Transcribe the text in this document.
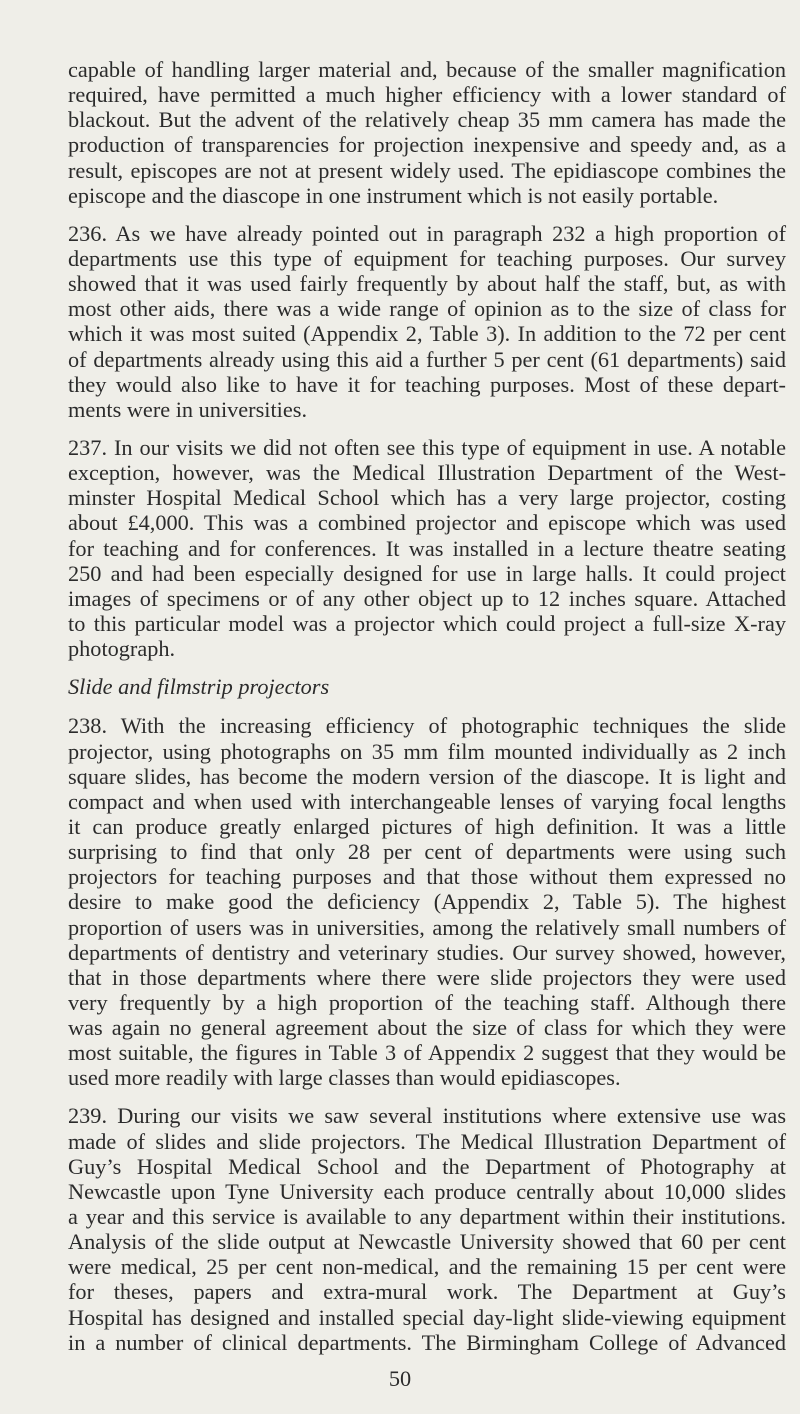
capable of handling larger material and, because of the smaller magnification
required, have permitted a much higher efficiency with a lower standard of
blackout. But the advent of the relatively cheap 35 mm camera has made the
production of transparencies for projection inexpensive and speedy and, as a
result, episcopes are not at present widely used. The epidiascope combines the
episcope and the diascope in one instrument which is not easily portable.
236. As we have already pointed out in paragraph 232 a high proportion of
departments use this type of equipment for teaching purposes. Our survey
showed that it was used fairly frequently by about half the staff, but, as with
most other aids, there was a wide range of opinion as to the size of class for
which it was most suited (Appendix 2, Table 3). In addition to the 72 per cent
of departments already using this aid a further 5 per cent (61 departments) said
they would also like to have it for teaching purposes. Most of these depart-
ments were in universities.
237. In our visits we did not often see this type of equipment in use. A notable
exception, however, was the Medical Illustration Department of the West-
minster Hospital Medical School which has a very large projector, costing
about £4,000. This was a combined projector and episcope which was used
for teaching and for conferences. It was installed in a lecture theatre seating
250 and had been especially designed for use in large halls. It could project
images of specimens or of any other object up to 12 inches square. Attached
to this particular model was a projector which could project a full-size X-ray
photograph.
Slide and filmstrip projectors
238. With the increasing efficiency of photographic techniques the slide
projector, using photographs on 35 mm film mounted individually as 2 inch
square slides, has become the modern version of the diascope. It is light and
compact and when used with interchangeable lenses of varying focal lengths
it can produce greatly enlarged pictures of high definition. It was a little
surprising to find that only 28 per cent of departments were using such
projectors for teaching purposes and that those without them expressed no
desire to make good the deficiency (Appendix 2, Table 5). The highest
proportion of users was in universities, among the relatively small numbers of
departments of dentistry and veterinary studies. Our survey showed, however,
that in those departments where there were slide projectors they were used
very frequently by a high proportion of the teaching staff. Although there
was again no general agreement about the size of class for which they were
most suitable, the figures in Table 3 of Appendix 2 suggest that they would be
used more readily with large classes than would epidiascopes.
239. During our visits we saw several institutions where extensive use was
made of slides and slide projectors. The Medical Illustration Department of
Guy’s Hospital Medical School and the Department of Photography at
Newcastle upon Tyne University each produce centrally about 10,000 slides
a year and this service is available to any department within their institutions.
Analysis of the slide output at Newcastle University showed that 60 per cent
were medical, 25 per cent non-medical, and the remaining 15 per cent were
for theses, papers and extra-mural work. The Department at Guy’s
Hospital has designed and installed special day-light slide-viewing equipment
in a number of clinical departments. The Birmingham College of Advanced
50
